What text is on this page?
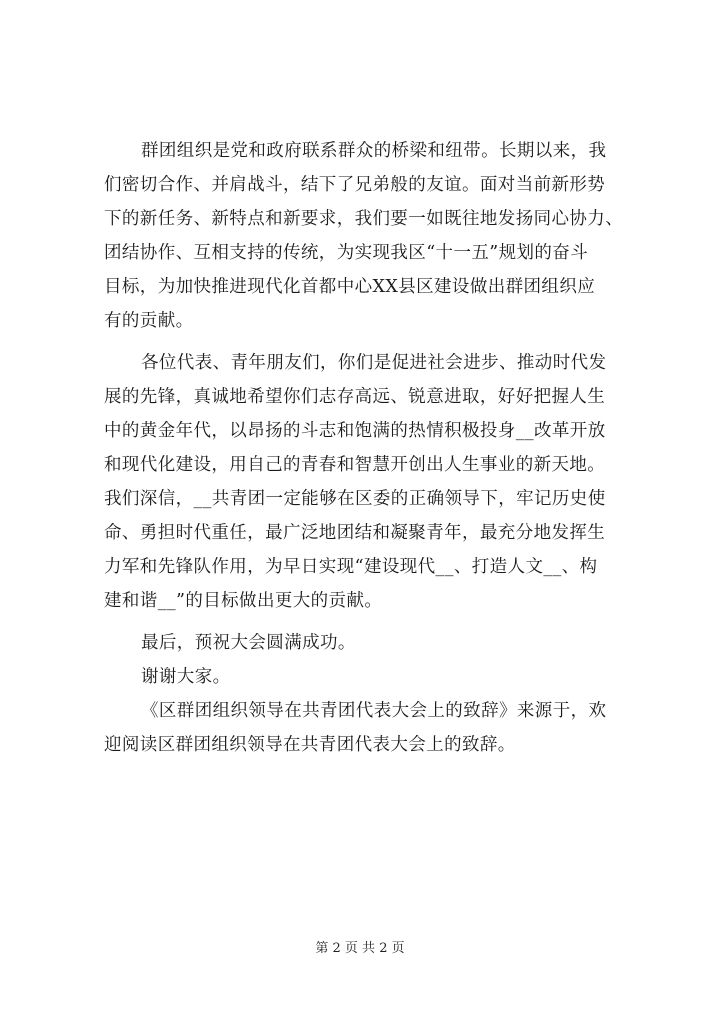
群团组织是党和政府联系群众的桥梁和纽带。长期以来，我
们密切合作、并肩战斗，结下了兄弟般的友谊。面对当前新形势
下的新任务、新特点和新要求，我们要一如既往地发扬同心协力、
团结协作、互相支持的传统，为实现我区“十一五”规划的奋斗
目标，为加快推进现代化首都中心XX县区建设做出群团组织应
有的贡献。
各位代表、青年朋友们，你们是促进社会进步、推动时代发
展的先锋，真诚地希望你们志存高远、锐意进取，好好把握人生
中的黄金年代，以昂扬的斗志和饱满的热情积极投身__改革开放
和现代化建设，用自己的青春和智慧开创出人生事业的新天地。
我们深信，__共青团一定能够在区委的正确领导下，牢记历史使
命、勇担时代重任，最广泛地团结和凝聚青年，最充分地发挥生
力军和先锋队作用，为早日实现“建设现代__、打造人文__、构
建和谐__”的目标做出更大的贡献。
最后，预祝大会圆满成功。
谢谢大家。
《区群团组织领导在共青团代表大会上的致辞》来源于，欢
迎阅读区群团组织领导在共青团代表大会上的致辞。
第 2 页 共 2 页
